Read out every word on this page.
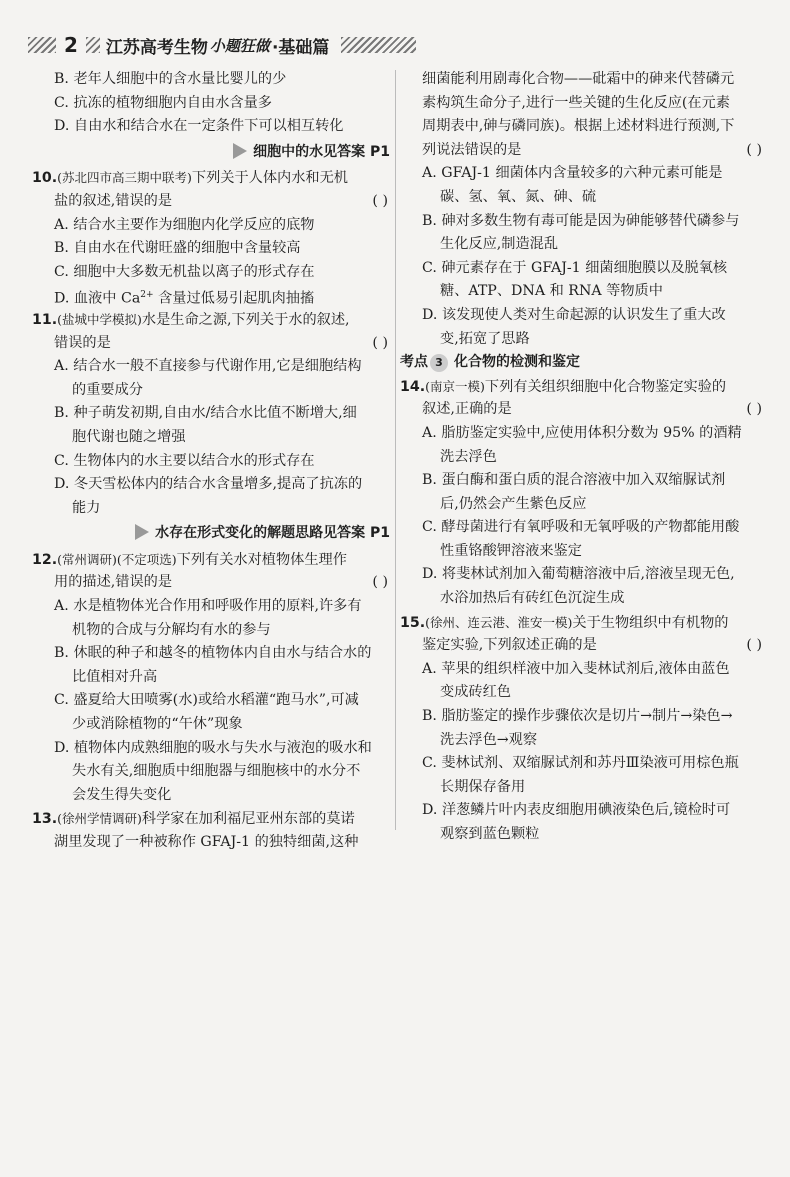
2 江苏高考生物 小题狂做 ·基础篇
B. 老年人细胞中的含水量比婴儿的少
C. 抗冻的植物细胞内自由水含量多
D. 自由水和结合水在一定条件下可以相互转化
细胞中的水见答案 P1
10.(苏北四市高三期中联考)下列关于人体内水和无机
盐的叙述,错误的是	( )
A. 结合水主要作为细胞内化学反应的底物
B. 自由水在代谢旺盛的细胞中含量较高
C. 细胞中大多数无机盐以离子的形式存在
D. 血液中 $Ca^{2+}$ 含量过低易引起肌肉抽搐
11.(盐城中学模拟)水是生命之源,下列关于水的叙述,
错误的是	( )
A. 结合水一般不直接参与代谢作用,它是细胞结构
的重要成分
B. 种子萌发初期,自由水/结合水比值不断增大,细
胞代谢也随之增强
C. 生物体内的水主要以结合水的形式存在
D. 冬天雪松体内的结合水含量增多,提高了抗冻的
能力
水存在形式变化的解题思路见答案 P1
12.(常州调研)(不定项选)下列有关水对植物体生理作
用的描述,错误的是	( )
A. 水是植物体光合作用和呼吸作用的原料,许多有
机物的合成与分解均有水的参与
B. 休眠的种子和越冬的植物体内自由水与结合水的
比值相对升高
C. 盛夏给大田喷雾(水)或给水稻灌“跑马水”,可减
少或消除植物的“午休”现象
D. 植物体内成熟细胞的吸水与失水与液泡的吸水和
失水有关,细胞质中细胞器与细胞核中的水分不
会发生得失变化
13.(徐州学情调研)科学家在加利福尼亚州东部的莫诺
湖里发现了一种被称作 GFAJ-1 的独特细菌,这种
细菌能利用剧毒化合物——砒霜中的砷来代替磷元
素构筑生命分子,进行一些关键的生化反应(在元素
周期表中,砷与磷同族)。根据上述材料进行预测,下
列说法错误的是	( )
A. GFAJ-1 细菌体内含量较多的六种元素可能是
碳、氢、氧、氮、砷、硫
B. 砷对多数生物有毒可能是因为砷能够替代磷参与
生化反应,制造混乱
C. 砷元素存在于 GFAJ-1 细菌细胞膜以及脱氧核
糖、ATP、DNA 和 RNA 等物质中
D. 该发现使人类对生命起源的认识发生了重大改
变,拓宽了思路
考点 3 化合物的检测和鉴定
14.(南京一模)下列有关组织细胞中化合物鉴定实验的
叙述,正确的是	( )
A. 脂肪鉴定实验中,应使用体积分数为 95% 的酒精
洗去浮色
B. 蛋白酶和蛋白质的混合溶液中加入双缩脲试剂
后,仍然会产生紫色反应
C. 酵母菌进行有氧呼吸和无氧呼吸的产物都能用酸
性重铬酸钾溶液来鉴定
D. 将斐林试剂加入葡萄糖溶液中后,溶液呈现无色,
水浴加热后有砖红色沉淀生成
15.(徐州、连云港、淮安一模)关于生物组织中有机物的
鉴定实验,下列叙述正确的是	( )
A. 苹果的组织样液中加入斐林试剂后,液体由蓝色
变成砖红色
B. 脂肪鉴定的操作步骤依次是切片→制片→染色→
洗去浮色→观察
C. 斐林试剂、双缩脲试剂和苏丹Ⅲ染液可用棕色瓶
长期保存备用
D. 洋葱鳞片叶内表皮细胞用碘液染色后,镜检时可
观察到蓝色颗粒
